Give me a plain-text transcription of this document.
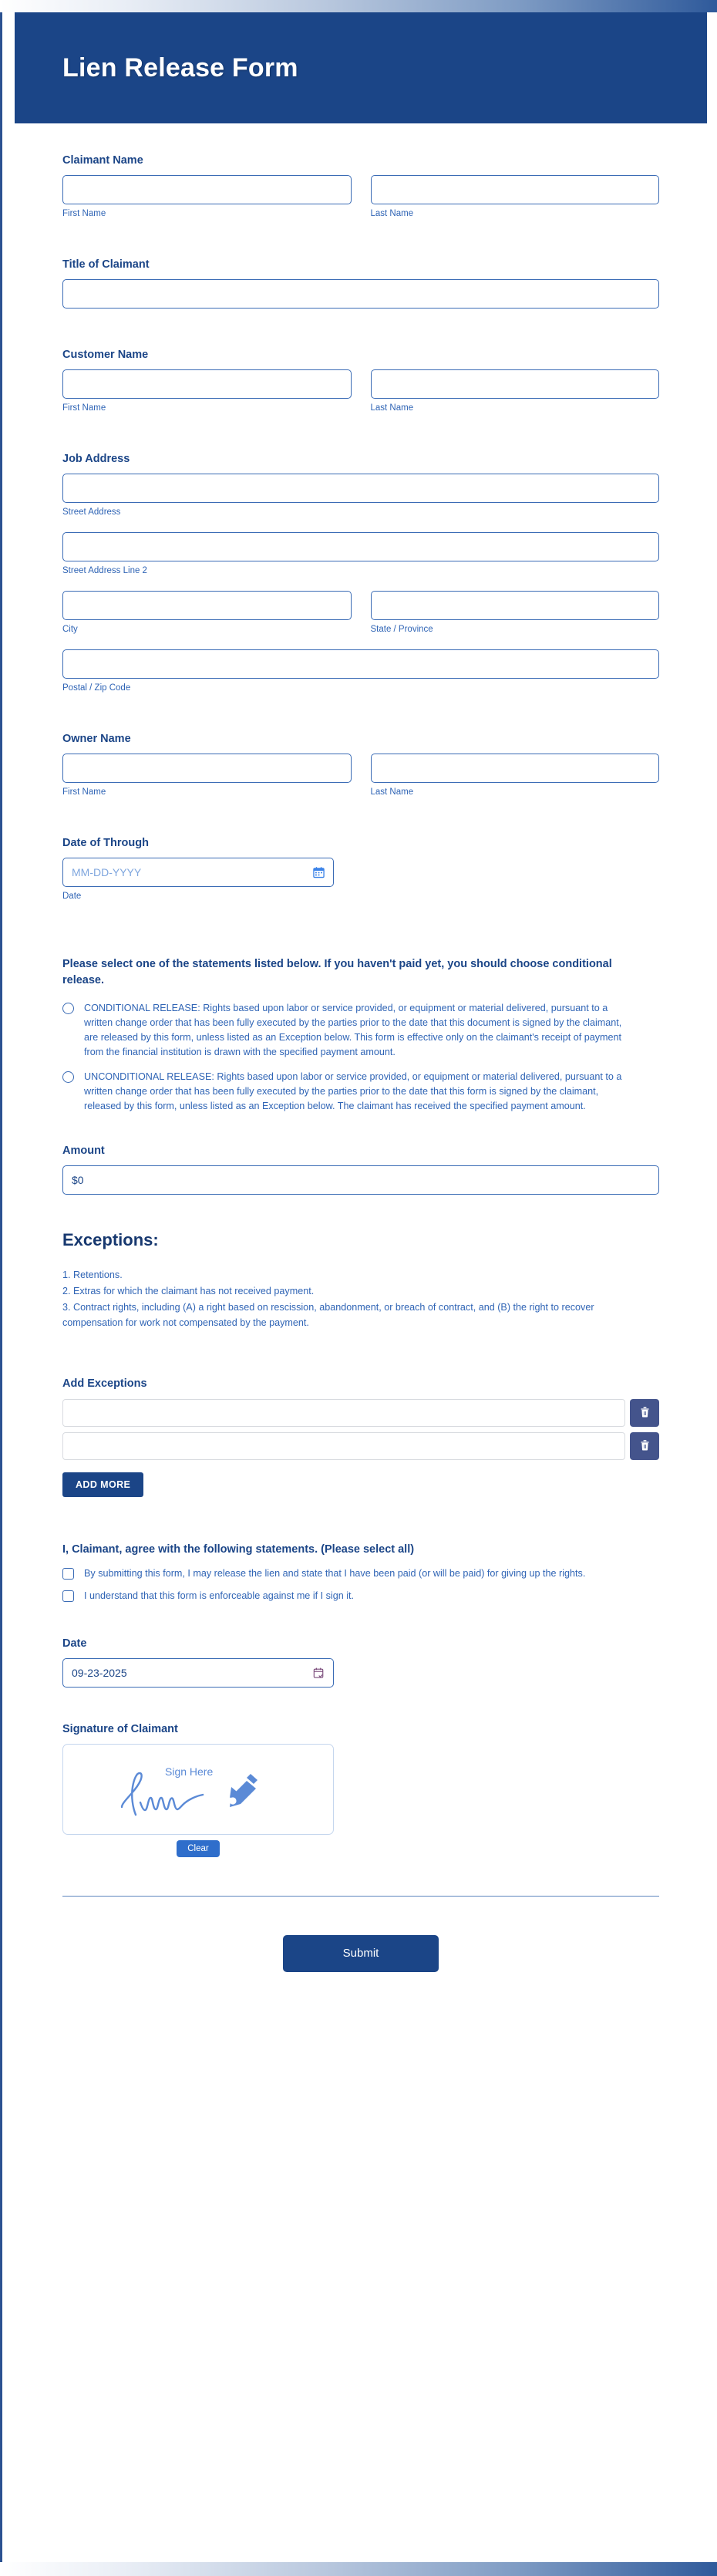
Lien Release Form
Claimant Name
First Name	Last Name
Title of Claimant
Customer Name
First Name	Last Name
Job Address
Street Address
Street Address Line 2
City	State / Province
Postal / Zip Code
Owner Name
First Name	Last Name
Date of Through
MM-DD-YYYY
Date
Please select one of the statements listed below. If you haven't paid yet, you should choose conditional release.
CONDITIONAL RELEASE: Rights based upon labor or service provided, or equipment or material delivered, pursuant to a written change order that has been fully executed by the parties prior to the date that this document is signed by the claimant, are released by this form, unless listed as an Exception below. This form is effective only on the claimant's receipt of payment from the financial institution is drawn with the specified payment amount.
UNCONDITIONAL RELEASE: Rights based upon labor or service provided, or equipment or material delivered, pursuant to a written change order that has been fully executed by the parties prior to the date that this form is signed by the claimant, released by this form, unless listed as an Exception below. The claimant has received the specified payment amount.
Amount
$0
Exceptions:
1. Retentions.
2. Extras for which the claimant has not received payment.
3. Contract rights, including (A) a right based on rescission, abandonment, or breach of contract, and (B) the right to recover compensation for work not compensated by the payment.
Add Exceptions
ADD MORE
I, Claimant, agree with the following statements. (Please select all)
By submitting this form, I may release the lien and state that I have been paid (or will be paid) for giving up the rights.
I understand that this form is enforceable against me if I sign it.
Date
09-23-2025
Signature of Claimant
Sign Here
Clear
Submit
